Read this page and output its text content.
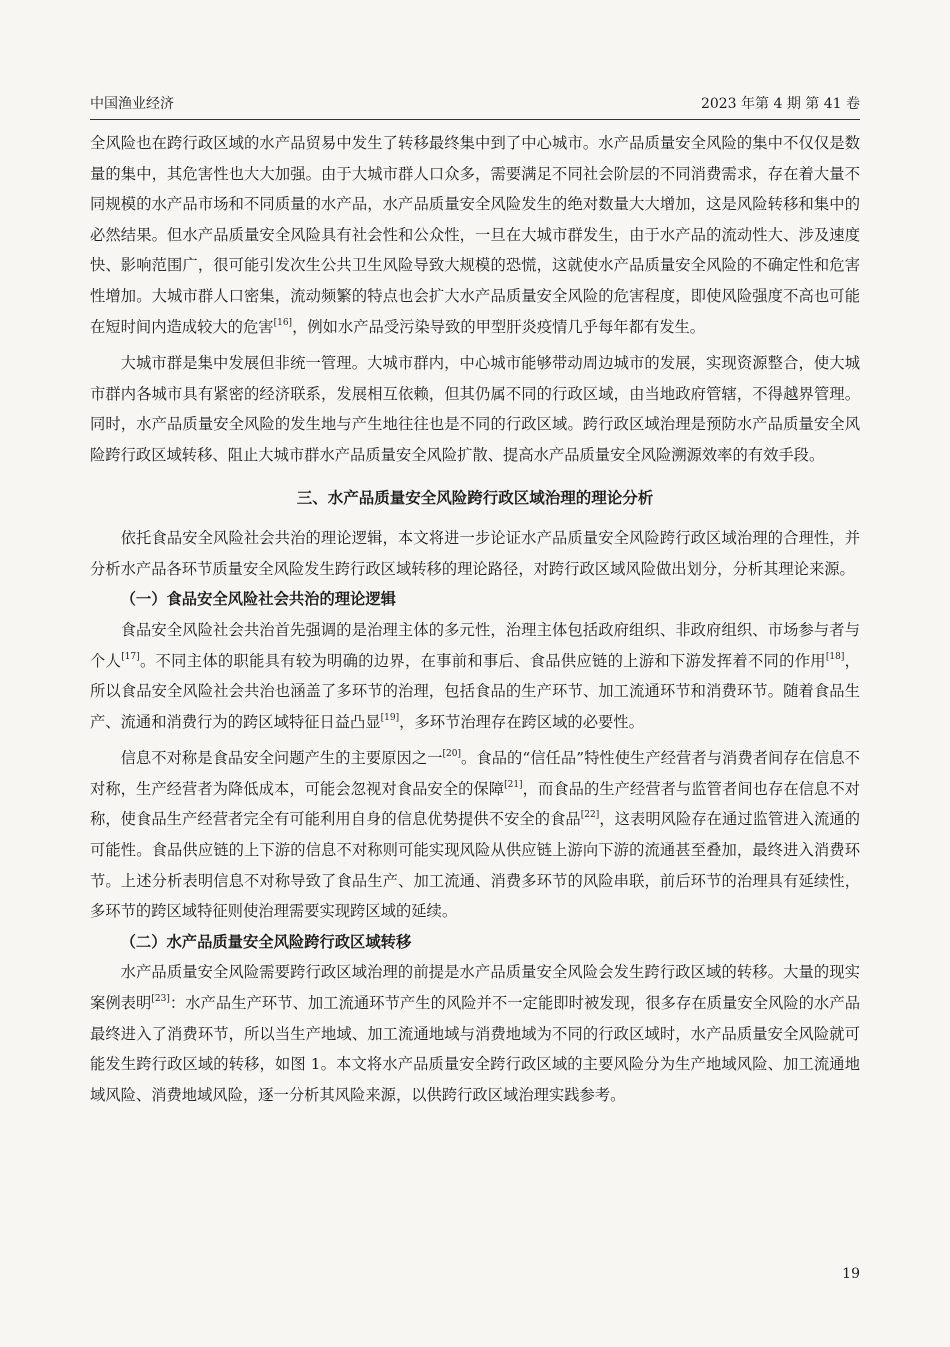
中国渔业经济	2023 年第 4 期 第 41 卷

全风险也在跨行政区域的水产品贸易中发生了转移最终集中到了中心城市。水产品质量安全风险的集中不仅仅是数量的集中，其危害性也大大加强。由于大城市群人口众多，需要满足不同社会阶层的不同消费需求，存在着大量不同规模的水产品市场和不同质量的水产品，水产品质量安全风险发生的绝对数量大大增加，这是风险转移和集中的必然结果。但水产品质量安全风险具有社会性和公众性，一旦在大城市群发生，由于水产品的流动性大、涉及速度快、影响范围广，很可能引发次生公共卫生风险导致大规模的恐慌，这就使水产品质量安全风险的不确定性和危害性增加。大城市群人口密集，流动频繁的特点也会扩大水产品质量安全风险的危害程度，即使风险强度不高也可能在短时间内造成较大的危害[16]，例如水产品受污染导致的甲型肝炎疫情几乎每年都有发生。

大城市群是集中发展但非统一管理。大城市群内，中心城市能够带动周边城市的发展，实现资源整合，使大城市群内各城市具有紧密的经济联系，发展相互依赖，但其仍属不同的行政区域，由当地政府管辖，不得越界管理。同时，水产品质量安全风险的发生地与产生地往往也是不同的行政区域。跨行政区域治理是预防水产品质量安全风险跨行政区域转移、阻止大城市群水产品质量安全风险扩散、提高水产品质量安全风险溯源效率的有效手段。

三、水产品质量安全风险跨行政区域治理的理论分析

依托食品安全风险社会共治的理论逻辑，本文将进一步论证水产品质量安全风险跨行政区域治理的合理性，并分析水产品各环节质量安全风险发生跨行政区域转移的理论路径，对跨行政区域风险做出划分，分析其理论来源。

（一）食品安全风险社会共治的理论逻辑

食品安全风险社会共治首先强调的是治理主体的多元性，治理主体包括政府组织、非政府组织、市场参与者与个人[17]。不同主体的职能具有较为明确的边界，在事前和事后、食品供应链的上游和下游发挥着不同的作用[18]，所以食品安全风险社会共治也涵盖了多环节的治理，包括食品的生产环节、加工流通环节和消费环节。随着食品生产、流通和消费行为的跨区域特征日益凸显[19]，多环节治理存在跨区域的必要性。

信息不对称是食品安全问题产生的主要原因之一[20]。食品的“信任品”特性使生产经营者与消费者间存在信息不对称，生产经营者为降低成本，可能会忽视对食品安全的保障[21]，而食品的生产经营者与监管者间也存在信息不对称，使食品生产经营者完全有可能利用自身的信息优势提供不安全的食品[22]，这表明风险存在通过监管进入流通的可能性。食品供应链的上下游的信息不对称则可能实现风险从供应链上游向下游的流通甚至叠加，最终进入消费环节。上述分析表明信息不对称导致了食品生产、加工流通、消费多环节的风险串联，前后环节的治理具有延续性，多环节的跨区域特征则使治理需要实现跨区域的延续。

（二）水产品质量安全风险跨行政区域转移

水产品质量安全风险需要跨行政区域治理的前提是水产品质量安全风险会发生跨行政区域的转移。大量的现实案例表明[23]：水产品生产环节、加工流通环节产生的风险并不一定能即时被发现，很多存在质量安全风险的水产品最终进入了消费环节，所以当生产地域、加工流通地域与消费地域为不同的行政区域时，水产品质量安全风险就可能发生跨行政区域的转移，如图 1。本文将水产品质量安全跨行政区域的主要风险分为生产地域风险、加工流通地域风险、消费地域风险，逐一分析其风险来源，以供跨行政区域治理实践参考。

19
